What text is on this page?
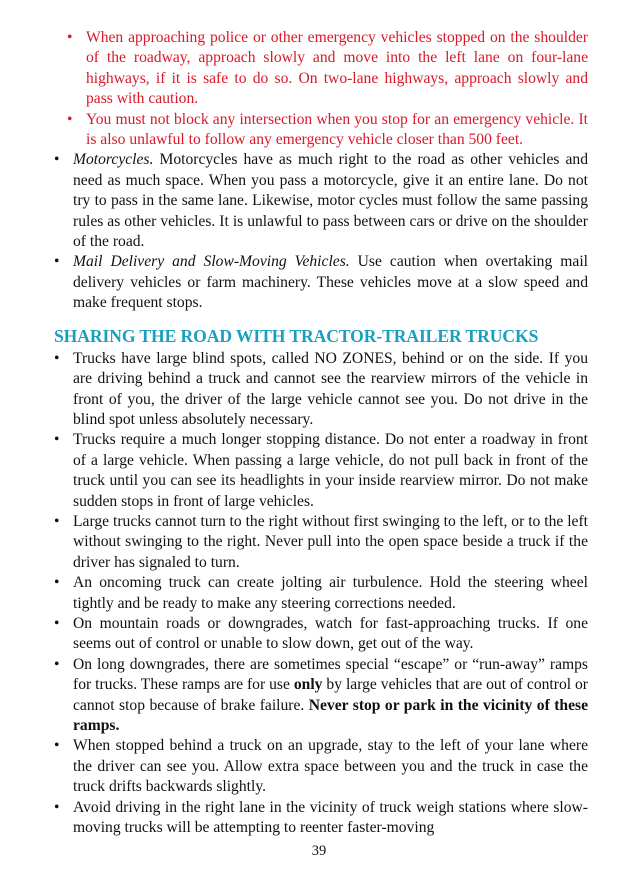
• When approaching police or other emergency vehicles stopped on the shoulder of the roadway, approach slowly and move into the left lane on four-lane highways, if it is safe to do so. On two-lane highways, approach slowly and pass with caution.

• You must not block any intersection when you stop for an emergency vehicle. It is also unlawful to follow any emergency vehicle closer than 500 feet.

• Motorcycles. Motorcycles have as much right to the road as other vehicles and need as much space. When you pass a motorcycle, give it an entire lane. Do not try to pass in the same lane. Likewise, motor cycles must follow the same passing rules as other vehicles. It is unlawful to pass between cars or drive on the shoulder of the road.

• Mail Delivery and Slow-Moving Vehicles. Use caution when overtaking mail delivery vehicles or farm machinery. These vehicles move at a slow speed and make frequent stops.

SHARING THE ROAD WITH TRACTOR-TRAILER TRUCKS

• Trucks have large blind spots, called NO ZONES, behind or on the side. If you are driving behind a truck and cannot see the rearview mirrors of the vehicle in front of you, the driver of the large vehicle cannot see you. Do not drive in the blind spot unless absolutely necessary.

• Trucks require a much longer stopping distance. Do not enter a roadway in front of a large vehicle. When passing a large vehicle, do not pull back in front of the truck until you can see its headlights in your inside rearview mirror. Do not make sudden stops in front of large vehicles.

• Large trucks cannot turn to the right without first swinging to the left, or to the left without swinging to the right. Never pull into the open space beside a truck if the driver has signaled to turn.

• An oncoming truck can create jolting air turbulence. Hold the steering wheel tightly and be ready to make any steering corrections needed.

• On mountain roads or downgrades, watch for fast-approaching trucks. If one seems out of control or unable to slow down, get out of the way.

• On long downgrades, there are sometimes special “escape” or “run-away” ramps for trucks. These ramps are for use only by large vehicles that are out of control or cannot stop because of brake failure. Never stop or park in the vicinity of these ramps.

• When stopped behind a truck on an upgrade, stay to the left of your lane where the driver can see you. Allow extra space between you and the truck in case the truck drifts backwards slightly.

• Avoid driving in the right lane in the vicinity of truck weigh stations where slow-moving trucks will be attempting to reenter faster-moving

39
